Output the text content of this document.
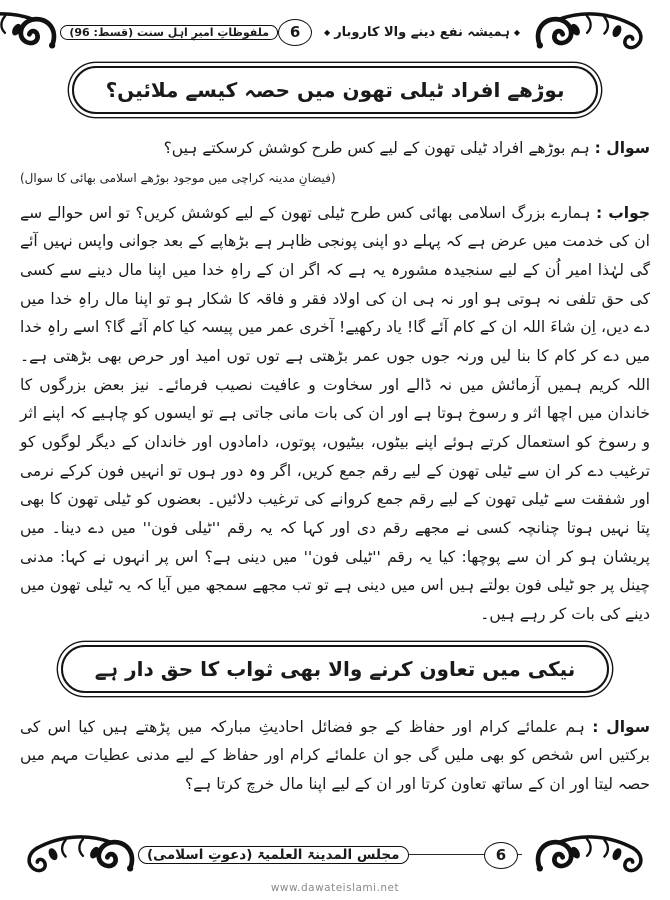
◆ہمیشہ نفع دینے والا کاروبار◆
6
ملفوظاتِ امیرِ اہلِ سنت (قسط: 96)
بوڑھے افراد ٹیلی تھون میں حصہ کیسے ملائیں؟

سوال : ہم بوڑھے افراد ٹیلی تھون کے لیے کس طرح کوشش کرسکتے ہیں؟

(فیضانِ مدینہ کراچی میں موجود بوڑھے اسلامی بھائی کا سوال)

جواب : ہمارے بزرگ اسلامی بھائی کس طرح ٹیلی تھون کے لیے کوشش کریں؟ تو اس حوالے سے ان کی خدمت میں عرض ہے کہ پہلے دو اپنی پونجی ظاہر ہے بڑھاپے کے بعد جوانی واپس نہیں آئے گی لہٰذا امیر اُن کے لیے سنجیدہ مشورہ یہ ہے کہ اگر ان کے راہِ خدا میں اپنا مال دینے سے کسی کی حق تلفی نہ ہوتی ہو اور نہ ہی ان کی اولاد فقر و فاقہ کا شکار ہو تو اپنا مال راہِ خدا میں دے دیں، اِن شاءَ اللہ ان کے کام آئے گا! یاد رکھیے! آخری عمر میں پیسہ کیا کام آئے گا؟ اسے راہِ خدا میں دے کر کام کا بنا لیں ورنہ جوں جوں عمر بڑھتی ہے توں توں امید اور حرص بھی بڑھتی ہے۔ اللہ کریم ہمیں آزمائش میں نہ ڈالے اور سخاوت و عافیت نصیب فرمائے۔ نیز بعض بزرگوں کا خاندان میں اچھا اثر و رسوخ ہوتا ہے اور ان کی بات مانی جاتی ہے تو ایسوں کو چاہیے کہ اپنے اثر و رسوخ کو استعمال کرتے ہوئے اپنے بیٹوں، بیٹیوں، پوتوں، دامادوں اور خاندان کے دیگر لوگوں کو ترغیب دے کر ان سے ٹیلی تھون کے لیے رقم جمع کریں، اگر وہ دور ہوں تو انہیں فون کرکے نرمی اور شفقت سے ٹیلی تھون کے لیے رقم جمع کروانے کی ترغیب دلائیں۔ بعضوں کو ٹیلی تھون کا بھی پتا نہیں ہوتا چنانچہ کسی نے مجھے رقم دی اور کہا کہ یہ رقم ''ٹیلی فون'' میں دے دینا۔ میں پریشان ہو کر ان سے پوچھا: کیا یہ رقم ''ٹیلی فون'' میں دینی ہے؟ اس پر انہوں نے کہا: مدنی چینل پر جو ٹیلی فون بولتے ہیں اس میں دینی ہے تو تب مجھے سمجھ میں آیا کہ یہ ٹیلی تھون میں دینے کی بات کر رہے ہیں۔

نیکی میں تعاون کرنے والا بھی ثواب کا حق دار ہے

سوال : ہم علمائے کرام اور حفاظ کے جو فضائل احادیثِ مبارکہ میں پڑھتے ہیں کیا اس کی برکتیں اس شخص کو بھی ملیں گی جو ان علمائے کرام اور حفاظ کے لیے مدنی عطیات مہم میں حصہ لیتا اور ان کے ساتھ تعاون کرتا اور ان کے لیے اپنا مال خرچ کرتا ہے؟

6
مجلس المدینۃ العلمیۃ (دعوتِ اسلامی)
www.dawateislami.net
